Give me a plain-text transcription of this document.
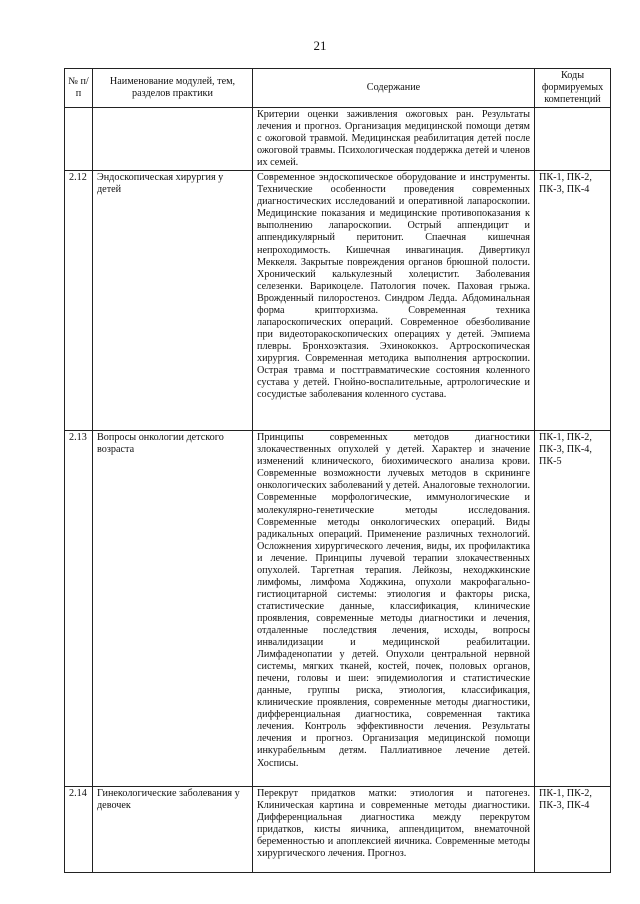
21
№ п/п	Наименование модулей, тем, разделов практики	Содержание	Коды формируемых компетенций
		Критерии оценки заживления ожоговых ран. Результаты лечения и прогноз. Организация медицинской помощи детям с ожоговой травмой. Медицинская реабилитация детей после ожоговой травмы. Психологическая поддержка детей и членов их семей.	
2.12	Эндоскопическая хирургия у детей	Современное эндоскопическое оборудование и инструменты. Технические особенности проведения современных диагностических исследований и оперативной лапароскопии. Медицинские показания и медицинские противопоказания к выполнению лапароскопии. Острый аппендицит и аппендикулярный перитонит. Спаечная кишечная непроходимость. Кишечная инвагинация. Дивертикул Меккеля. Закрытые повреждения органов брюшной полости. Хронический калькулезный холецистит. Заболевания селезенки. Варикоцеле. Патология почек. Паховая грыжа. Врожденный пилоростеноз. Синдром Ледда. Абдоминальная форма крипторхизма. Современная техника лапароскопических операций. Современное обезболивание при видеоторакоскопических операциях у детей. Эмпиема плевры. Бронхоэктазия. Эхинококкоз. Артроскопическая хирургия. Современная методика выполнения артроскопии. Острая травма и посттравматические состояния коленного сустава у детей. Гнойно-воспалительные, артрологические и сосудистые заболевания коленного сустава.	ПК-1, ПК-2, ПК-3, ПК-4
2.13	Вопросы онкологии детского возраста	Принципы современных методов диагностики злокачественных опухолей у детей. Характер и значение изменений клинического, биохимического анализа крови. Современные возможности лучевых методов в скрининге онкологических заболеваний у детей. Аналоговые технологии. Современные морфологические, иммунологические и молекулярно-генетические методы исследования. Современные методы онкологических операций. Виды радикальных операций. Применение различных технологий. Осложнения хирургического лечения, виды, их профилактика и лечение. Принципы лучевой терапии злокачественных опухолей. Таргетная терапия. Лейкозы, неходжкинские лимфомы, лимфома Ходжкина, опухоли макрофагально-гистиоцитарной системы: этиология и факторы риска, статистические данные, классификация, клинические проявления, современные методы диагностики и лечения, отдаленные последствия лечения, исходы, вопросы инвалидизации и медицинской реабилитации. Лимфаденопатии у детей. Опухоли центральной нервной системы, мягких тканей, костей, почек, половых органов, печени, головы и шеи: эпидемиология и статистические данные, группы риска, этиология, классификация, клинические проявления, современные методы диагностики, дифференциальная диагностика, современная тактика лечения. Контроль эффективности лечения. Результаты лечения и прогноз. Организация медицинской помощи инкурабельным детям. Паллиативное лечение детей. Хосписы.	ПК-1, ПК-2, ПК-3, ПК-4, ПК-5
2.14	Гинекологические заболевания у девочек	Перекрут придатков матки: этиология и патогенез. Клиническая картина и современные методы диагностики. Дифференциальная диагностика между перекрутом придатков, кисты яичника, аппендицитом, внематочной беременностью и апоплексией яичника. Современные методы хирургического лечения. Прогноз.	ПК-1, ПК-2, ПК-3, ПК-4
